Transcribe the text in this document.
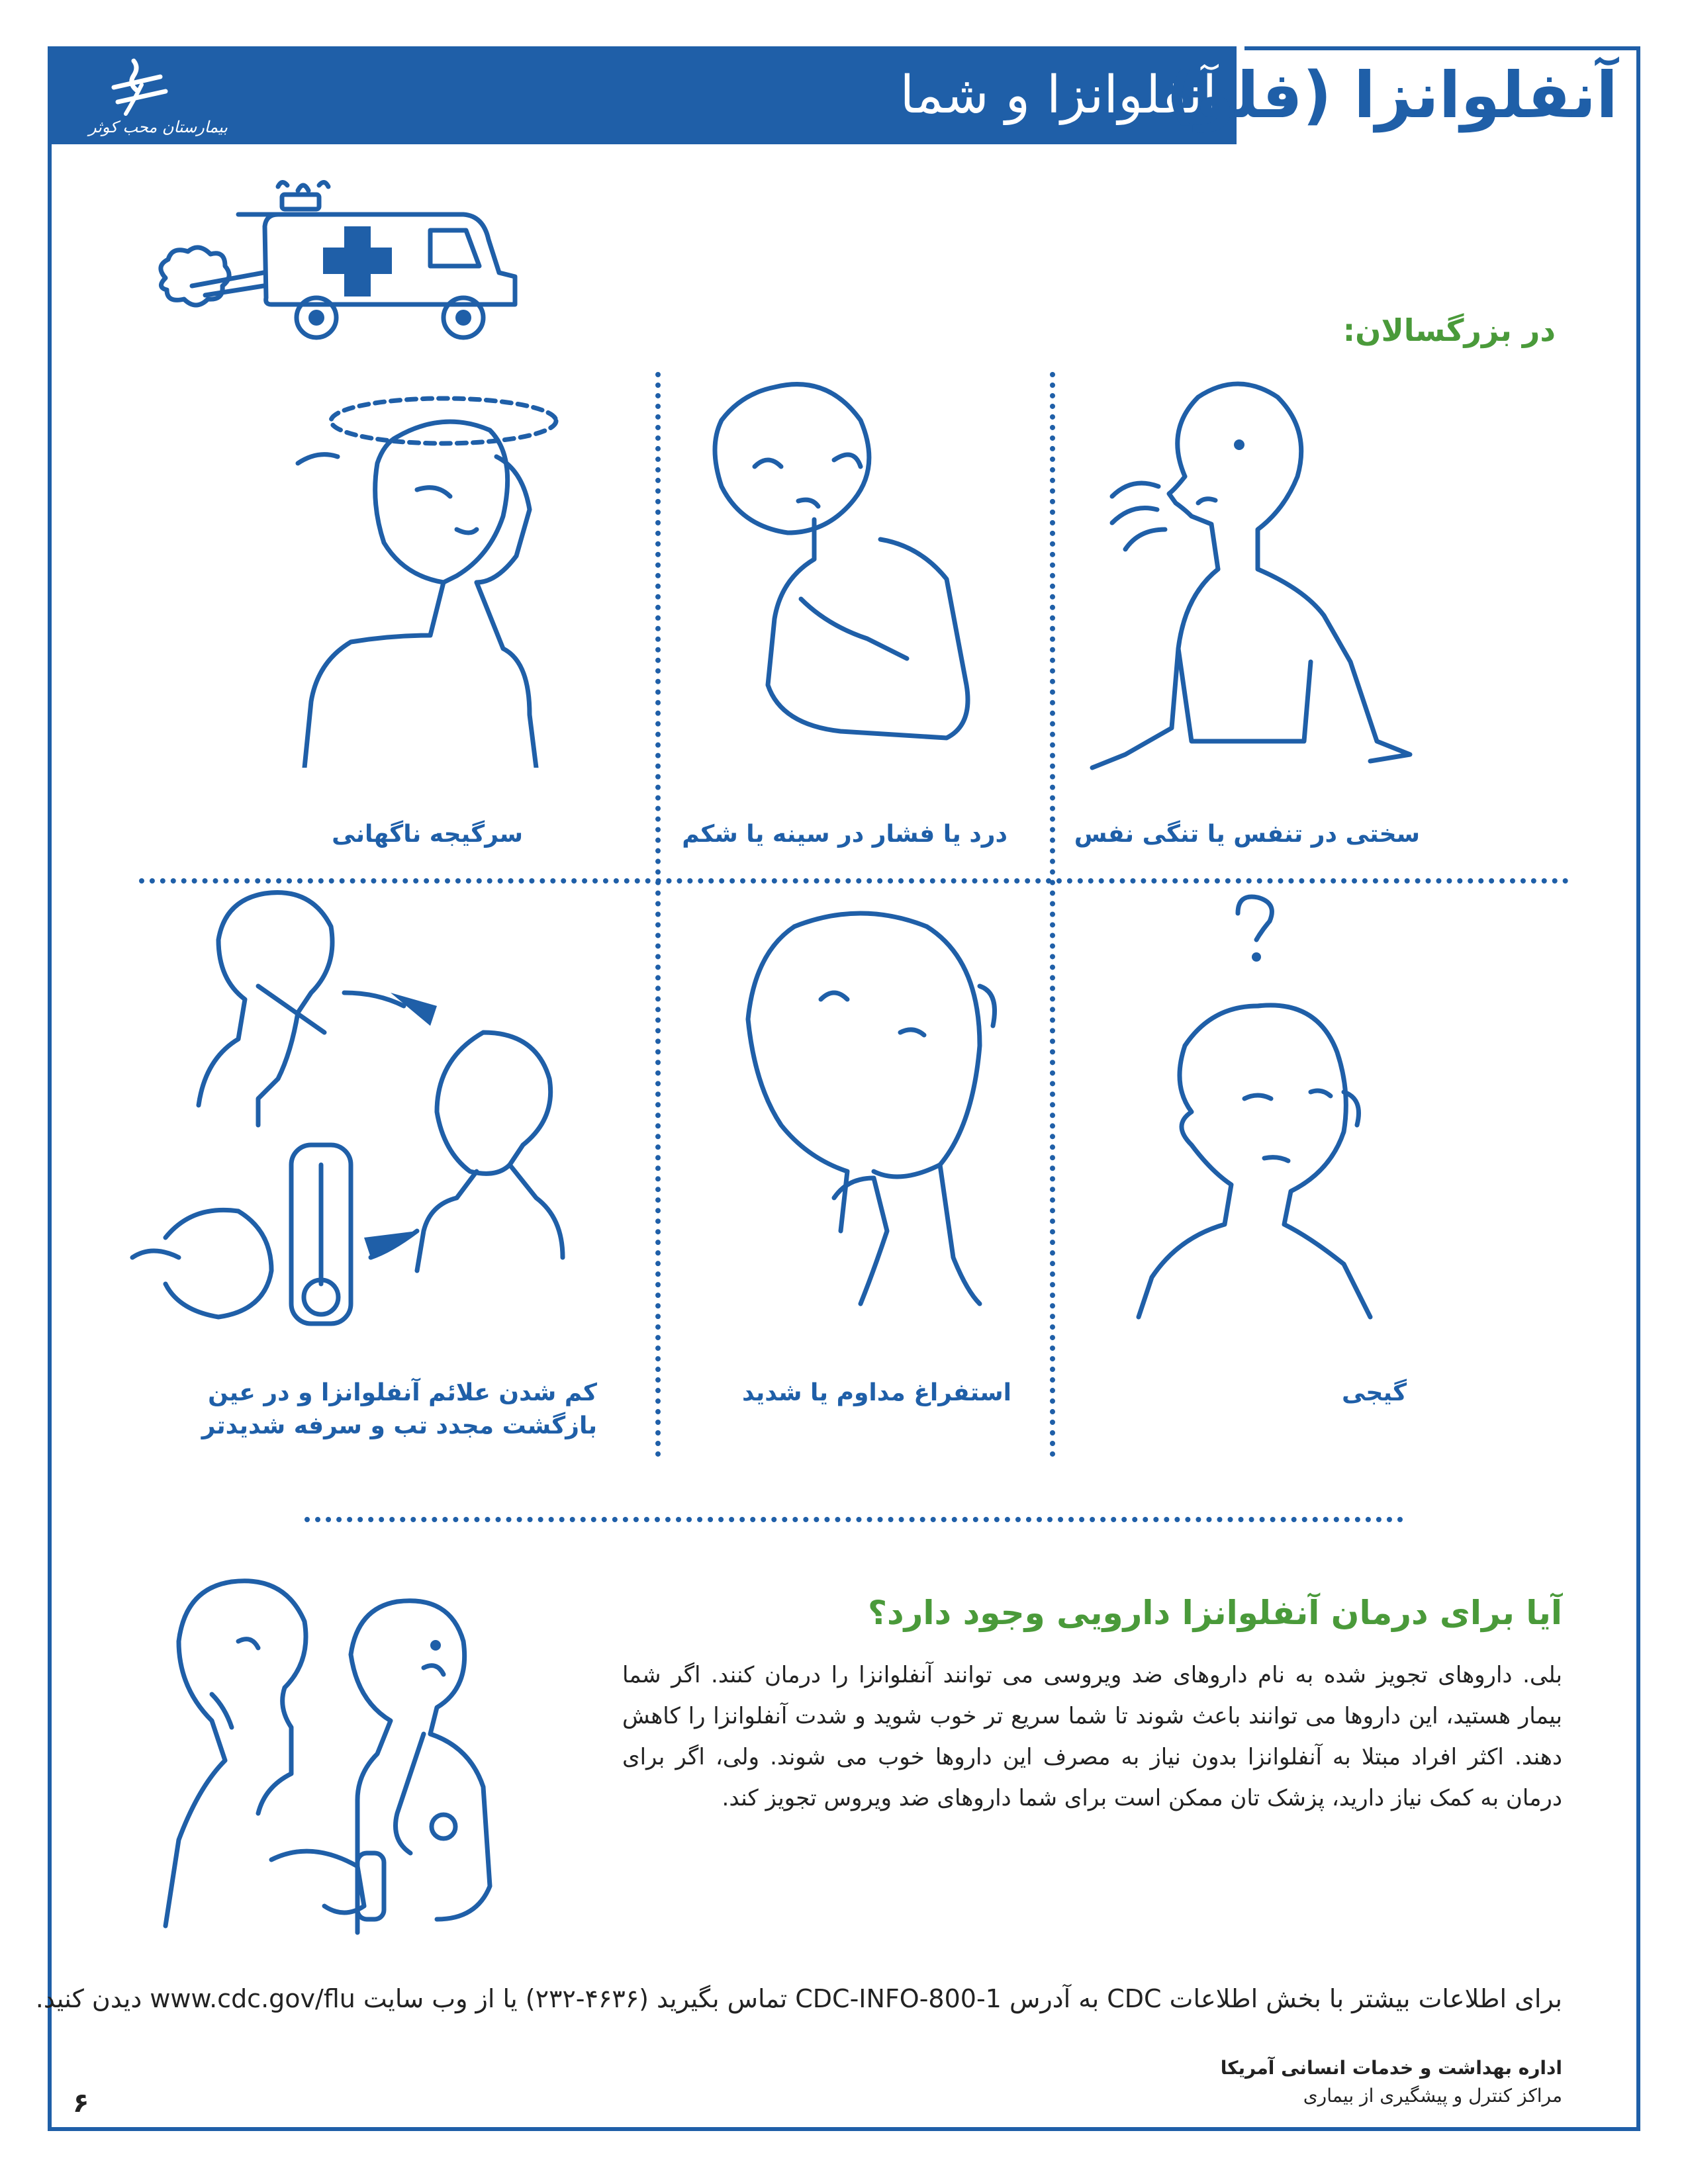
بیمارستان محب کوثر
آنفلوانزا و شما
آنفلوانزا (فلو)
در بزرگسالان:
سختی در تنفس یا تنگی نفس
درد یا فشار در سینه یا شکم
سرگیجه ناگهانی
گیجی
استفراغ مداوم یا شدید
کم شدن علائم آنفلوانزا و در عین بازگشت مجدد تب و سرفه شدیدتر
آیا برای درمان آنفلوانزا دارویی وجود دارد؟
بلی. داروهای تجویز شده به نام داروهای ضد ویروسی می توانند آنفلوانزا را درمان کنند. اگر شما بیمار هستید، این داروها می توانند باعث شوند تا شما سریع تر خوب شوید و شدت آنفلوانزا را کاهش دهند. اکثر افراد مبتلا به آنفلوانزا بدون نیاز به مصرف این داروها خوب می شوند. ولی، اگر برای درمان به کمک نیاز دارید، پزشک تان ممکن است برای شما داروهای ضد ویروس تجویز کند.
برای اطلاعات بیشتر با بخش اطلاعات CDC به آدرس 1-800-CDC-INFO تماس بگیرید (۴۶۳۶-۲۳۲) یا از وب سایت www.cdc.gov/flu دیدن کنید.
اداره بهداشت و خدمات انسانی آمریکا
مراکز کنترل و پیشگیری از بیماری
۶
